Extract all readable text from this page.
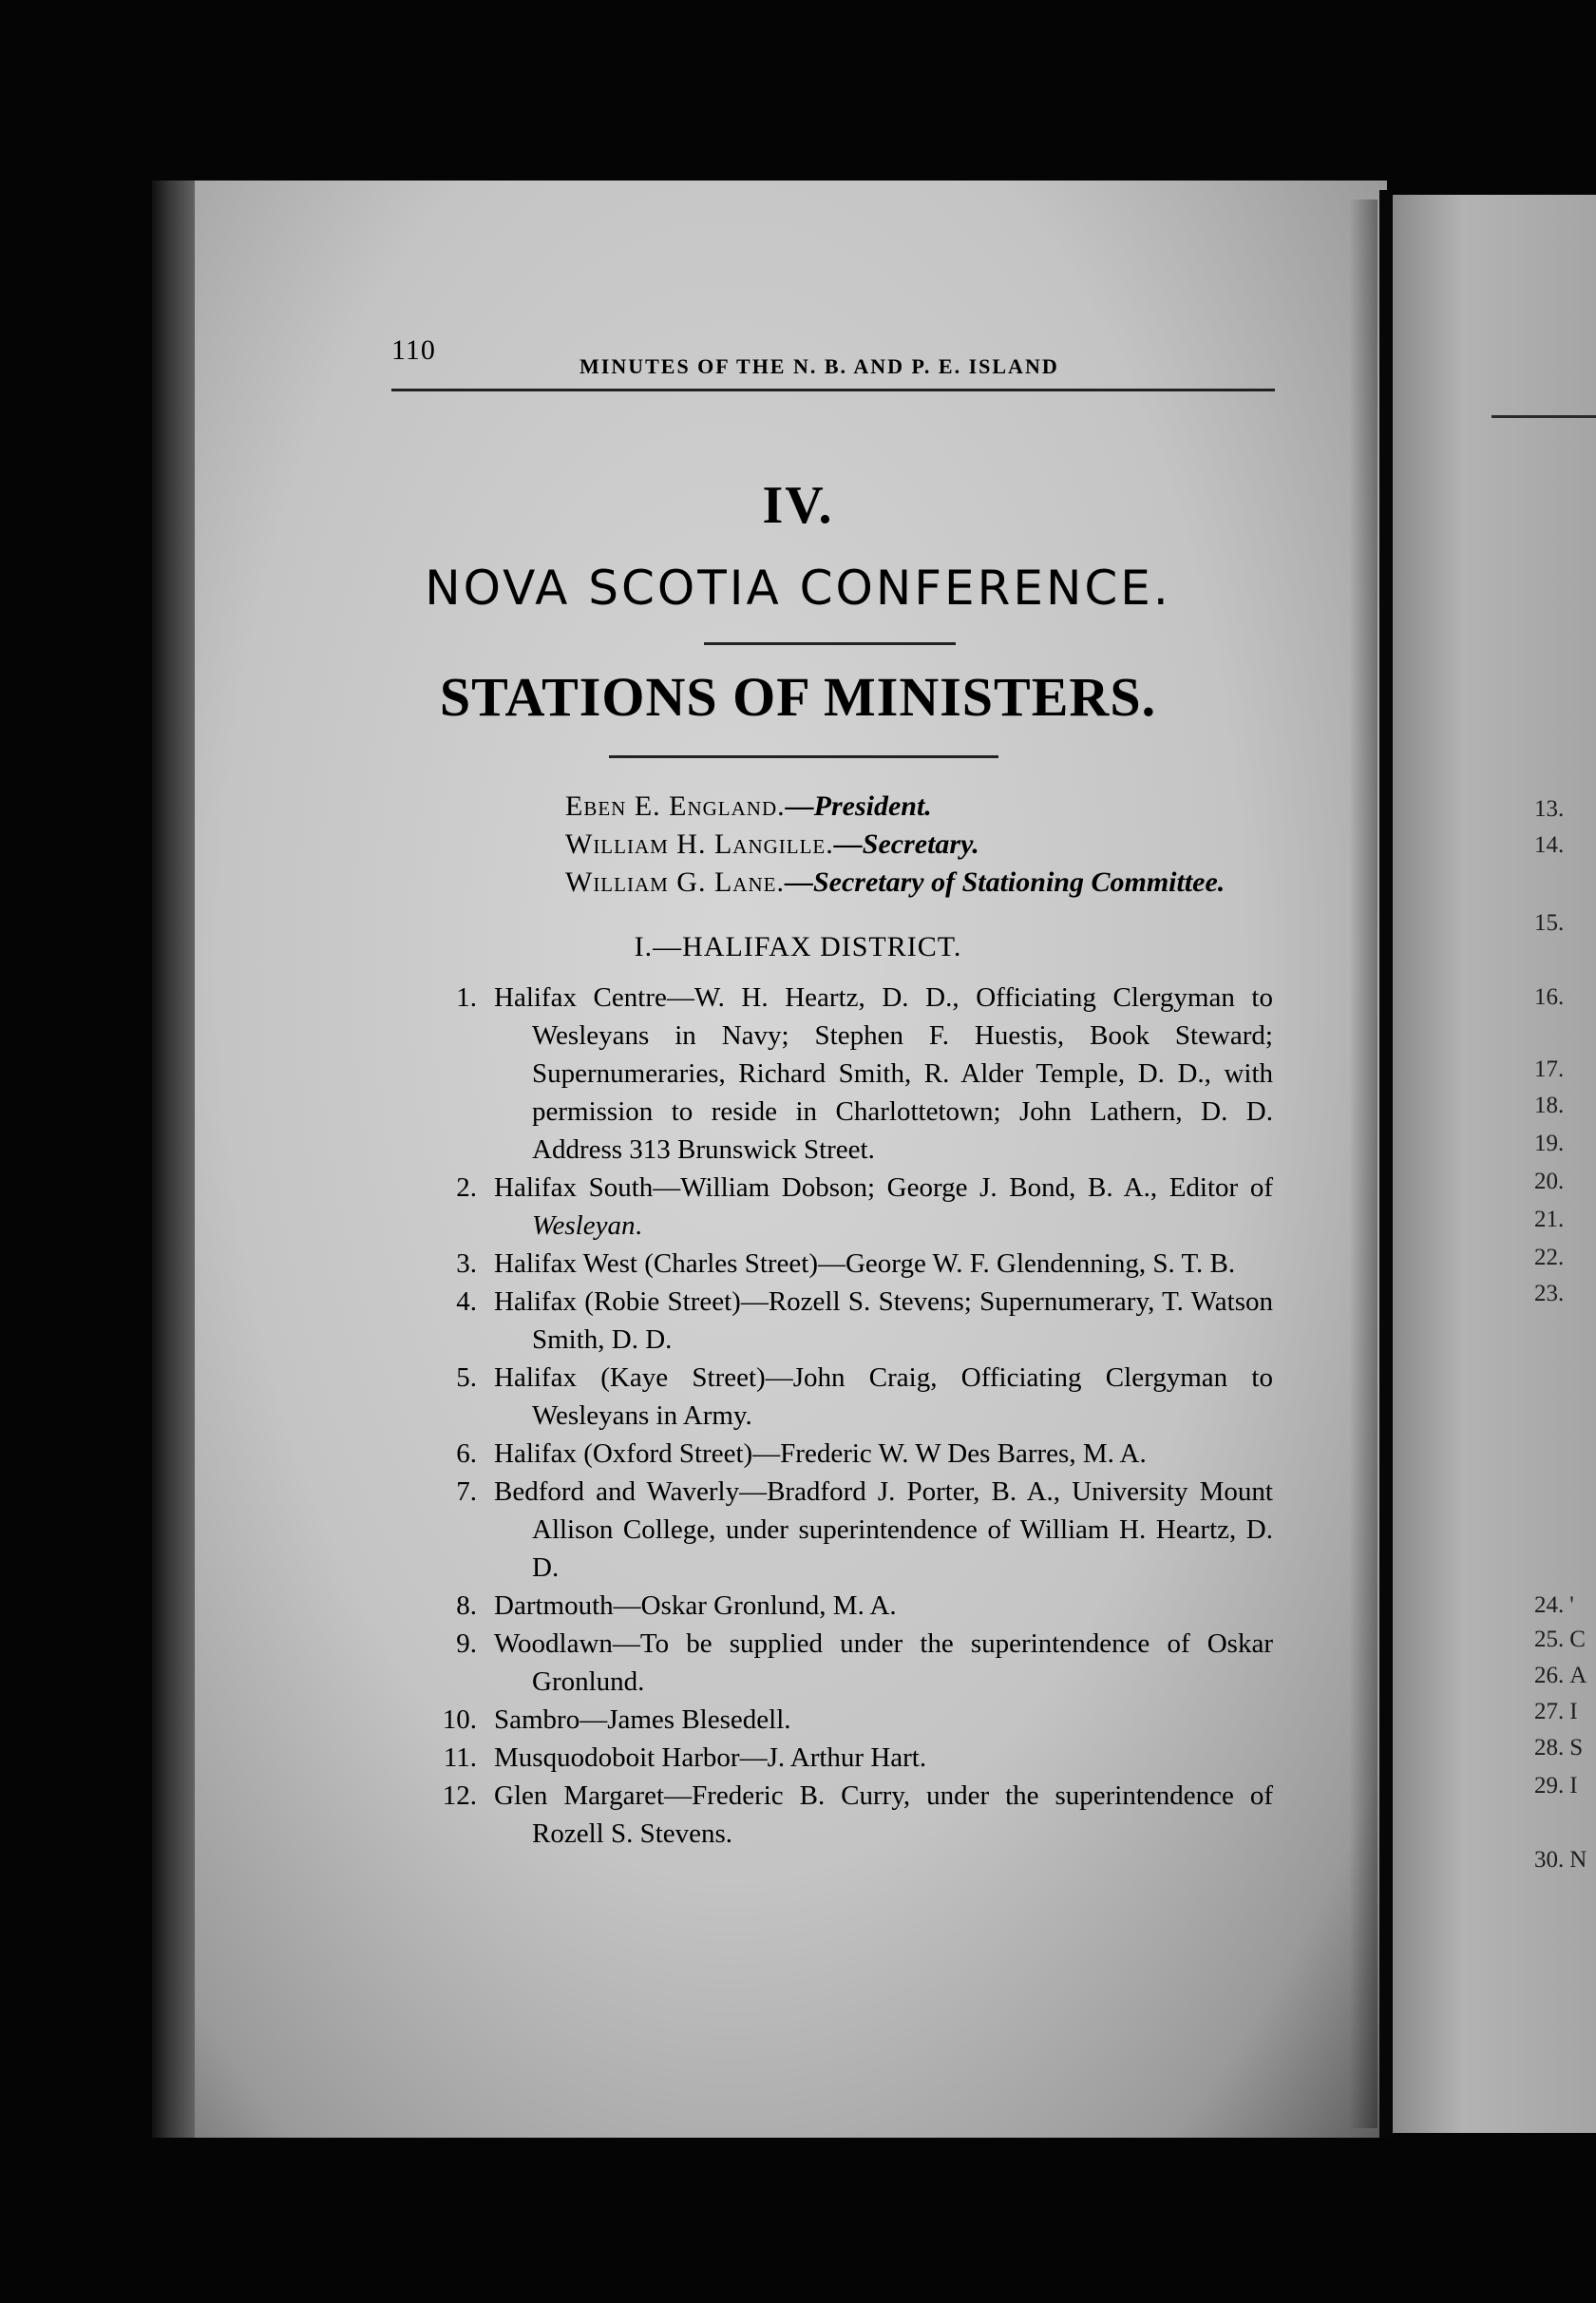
13.
14.
15.
16.
17.
18.
19.
20.
21.
22.
23.
24. '
25. C
26. A
27. I
28. S
29. I
30. N
110
MINUTES OF THE N. B. AND P. E. ISLAND
IV.
NOVA SCOTIA CONFERENCE.
STATIONS OF MINISTERS.
Eben E. England.—President.
William H. Langille.—Secretary.
William G. Lane.—Secretary of Stationing Committee.
I.—HALIFAX DISTRICT.
1. Halifax Centre—W. H. Heartz, D. D., Officiating Clergyman to Wesleyans in Navy; Stephen F. Huestis, Book Steward; Supernumeraries, Richard Smith, R. Alder Temple, D. D., with permission to reside in Charlottetown; John Lathern, D. D. Address 313 Brunswick Street.
2. Halifax South—William Dobson; George J. Bond, B. A., Editor of Wesleyan.
3. Halifax West (Charles Street)—George W. F. Glendenning, S. T. B.
4. Halifax (Robie Street)—Rozell S. Stevens; Supernumerary, T. Watson Smith, D. D.
5. Halifax (Kaye Street)—John Craig, Officiating Clergyman to Wesleyans in Army.
6. Halifax (Oxford Street)—Frederic W. W Des Barres, M. A.
7. Bedford and Waverly—Bradford J. Porter, B. A., University Mount Allison College, under superintendence of William H. Heartz, D. D.
8. Dartmouth—Oskar Gronlund, M. A.
9. Woodlawn—To be supplied under the superintendence of Oskar Gronlund.
10. Sambro—James Blesedell.
11. Musquodoboit Harbor—J. Arthur Hart.
12. Glen Margaret—Frederic B. Curry, under the superintendence of Rozell S. Stevens.
